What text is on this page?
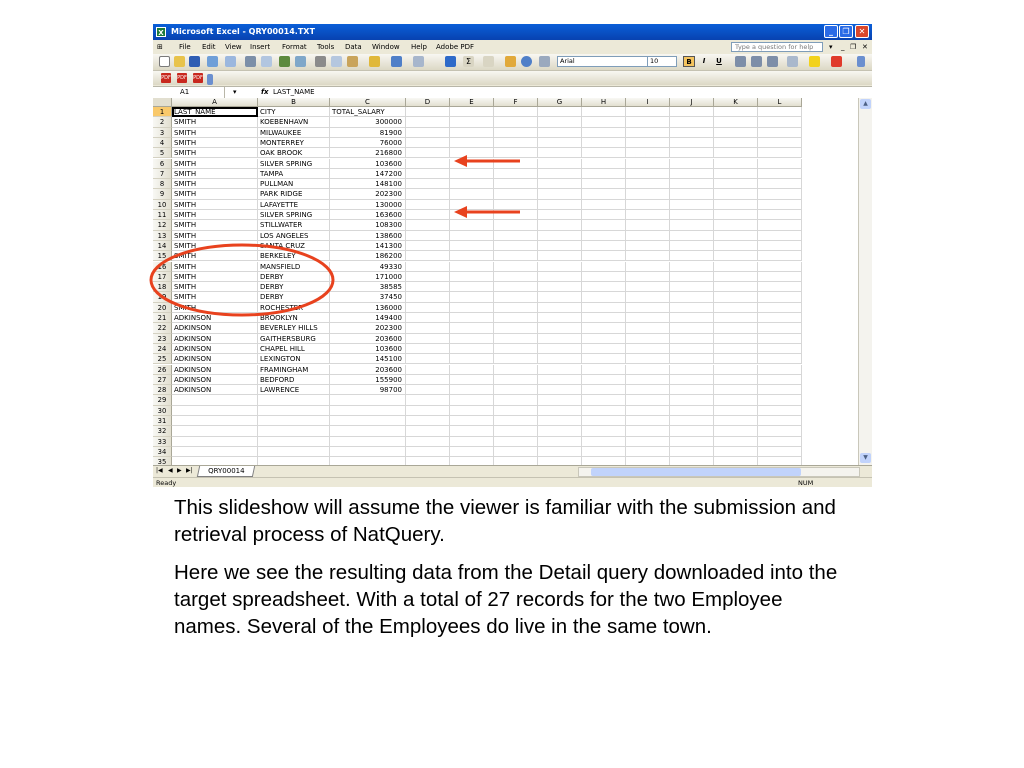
X Microsoft Excel - QRY00014.TXT	_	❐	✕
⊞ File Edit View Insert Format Tools Data Window Help Adobe PDF	Type a question for help	▾ _ ❐ ✕
Σ	Arial	10	B	I	U
PDF PDF PDF
A1	▾	fx LAST_NAME
A	B	C	D	E	F	G	H	I	J	K	L
1	LAST_NAME	CITY	TOTAL_SALARY
2	SMITH	KOEBENHAVN	300000
3	SMITH	MILWAUKEE	81900
4	SMITH	MONTERREY	76000
5	SMITH	OAK BROOK	216800
6	SMITH	SILVER SPRING	103600
7	SMITH	TAMPA	147200
8	SMITH	PULLMAN	148100
9	SMITH	PARK RIDGE	202300
10	SMITH	LAFAYETTE	130000
11	SMITH	SILVER SPRING	163600
12	SMITH	STILLWATER	108300
13	SMITH	LOS ANGELES	138600
14	SMITH	SANTA CRUZ	141300
15	SMITH	BERKELEY	186200
16	SMITH	MANSFIELD	49330
17	SMITH	DERBY	171000
18	SMITH	DERBY	38585
19	SMITH	DERBY	37450
20	SMITH	ROCHESTER	136000
21	ADKINSON	BROOKLYN	149400
22	ADKINSON	BEVERLEY HILLS	202300
23	ADKINSON	GAITHERSBURG	203600
24	ADKINSON	CHAPEL HILL	103600
25	ADKINSON	LEXINGTON	145100
26	ADKINSON	FRAMINGHAM	203600
27	ADKINSON	BEDFORD	155900
28	ADKINSON	LAWRENCE	98700
29
30
31
32
33
34
35
▲
▼
|◀ ◀ ▶ ▶|	QRY00014
Ready	NUM

This slideshow will assume the viewer is familiar with the submission and retrieval process of NatQuery.

Here we see the resulting data from the Detail query downloaded into the target spreadsheet. With a total of 27 records for the two Employee names. Several of the Employees do live in the same town.
